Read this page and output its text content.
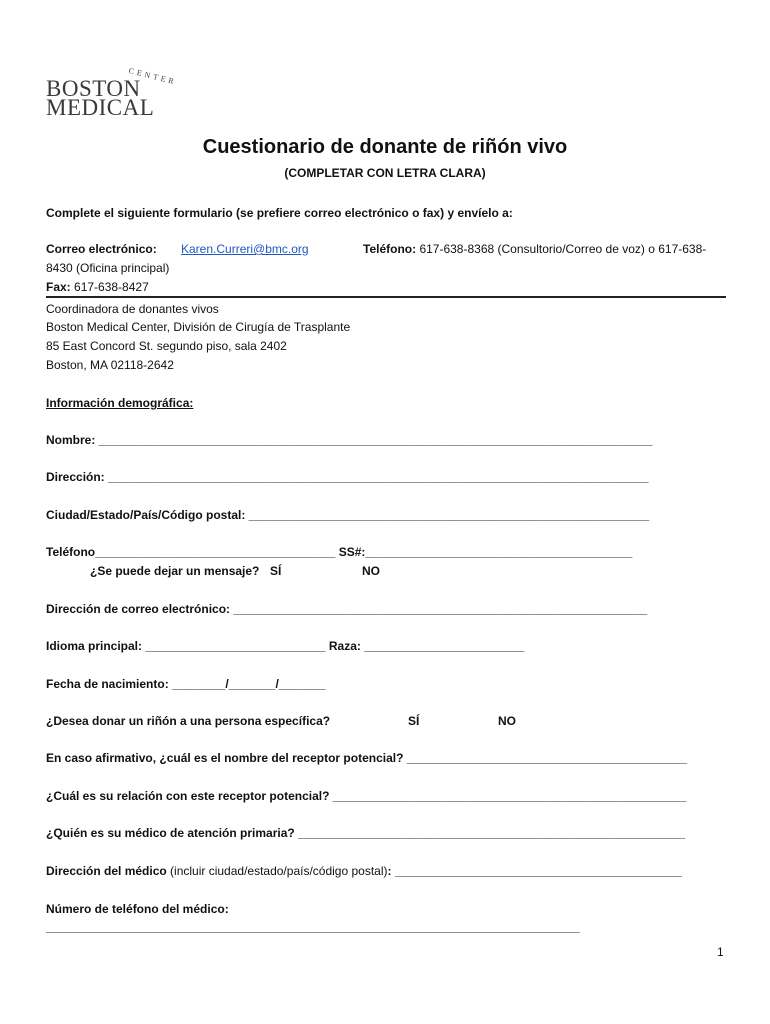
CENTER
BOSTON
MEDICAL
Cuestionario de donante de riñón vivo
(COMPLETAR CON LETRA CLARA)
Complete el siguiente formulario (se prefiere correo electrónico o fax) y envíelo a:
Correo electrónico: Karen.Curreri@bmc.org	Teléfono: 617-638-8368 (Consultorio/Correo de voz) o 617-638-
8430 (Oficina principal)
Fax: 617-638-8427
Coordinadora de donantes vivos
Boston Medical Center, División de Cirugía de Trasplante
85 East Concord St. segundo piso, sala 2402
Boston, MA 02118-2642
Información demográfica:
Nombre: ___________________________________________________________________________________
Dirección: _________________________________________________________________________________
Ciudad/Estado/País/Código postal: ____________________________________________________________
Teléfono____________________________________ SS#:________________________________________
¿Se puede dejar un mensaje? SÍ	NO
Dirección de correo electrónico: ______________________________________________________________
Idioma principal: ___________________________ Raza: ________________________
Fecha de nacimiento: ________/_______/_______
¿Desea donar un riñón a una persona específica?	SÍ	NO
En caso afirmativo, ¿cuál es el nombre del receptor potencial? __________________________________________
¿Cuál es su relación con este receptor potencial? _____________________________________________________
¿Quién es su médico de atención primaria? __________________________________________________________
Dirección del médico (incluir ciudad/estado/país/código postal): ___________________________________________
Número de teléfono del médico:
________________________________________________________________________________
1
